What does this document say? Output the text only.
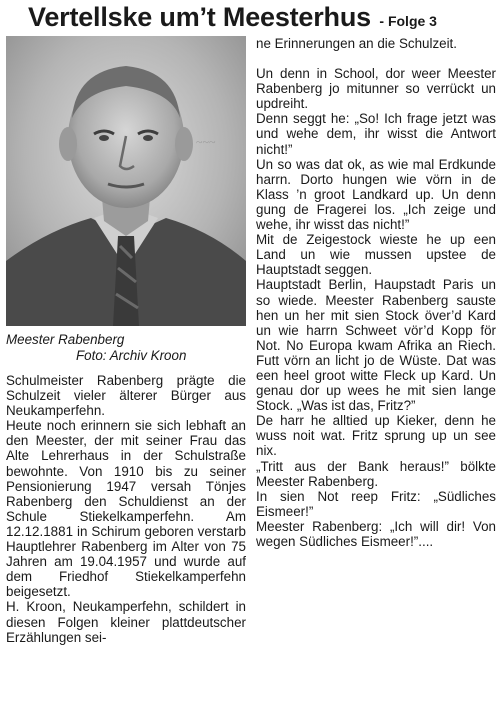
Vertellske um’t Meesterhus - Folge 3
~~~
Meester Rabenberg
Foto: Archiv Kroon

Schulmeister Rabenberg prägte die Schulzeit vieler älterer Bürger aus Neukamperfehn.

Heute noch erinnern sie sich lebhaft an den Meester, der mit seiner Frau das Alte Lehrerhaus in der Schulstraße bewohnte. Von 1910 bis zu seiner Pensionierung 1947 versah Tönjes Rabenberg den Schuldienst an der Schule Stiekelkamperfehn. Am 12.12.1881 in Schirum geboren verstarb Hauptlehrer Rabenberg im Alter von 75 Jahren am 19.04.1957 und wurde auf dem Friedhof Stiekelkamperfehn beigesetzt.

H. Kroon, Neukamperfehn, schildert in diesen Folgen kleiner plattdeutscher Erzählungen sei-

ne Erinnerungen an die Schulzeit.

Un denn in School, dor weer Meester Rabenberg jo mitunner so verrückt un updreiht.

Denn seggt he: „So! Ich frage jetzt was und wehe dem, ihr wisst die Antwort nicht!”

Un so was dat ok, as wie mal Erdkunde harrn. Dorto hungen wie vörn in de Klass ’n groot Landkard up. Un denn gung de Fragerei los. „Ich zeige und wehe, ihr wisst das nicht!”

Mit de Zeigestock wieste he up een Land un wie mussen upstee de Hauptstadt seggen.

Hauptstadt Berlin, Haupstadt Paris un so wiede. Meester Rabenberg sauste hen un her mit sien Stock över’d Kard un wie harrn Schweet vör’d Kopp för Not. No Europa kwam Afrika an Riech. Futt vörn an licht jo de Wüste. Dat was een heel groot witte Fleck up Kard. Un genau dor up wees he mit sien lange Stock. „Was ist das, Fritz?”

De harr he alltied up Kieker, denn he wuss noit wat. Fritz sprung up un see nix.

„Tritt aus der Bank heraus!” bölkte Meester Rabenberg.

In sien Not reep Fritz: „Südliches Eismeer!”

Meester Rabenberg: „Ich will dir! Von wegen Südliches Eismeer!”....
